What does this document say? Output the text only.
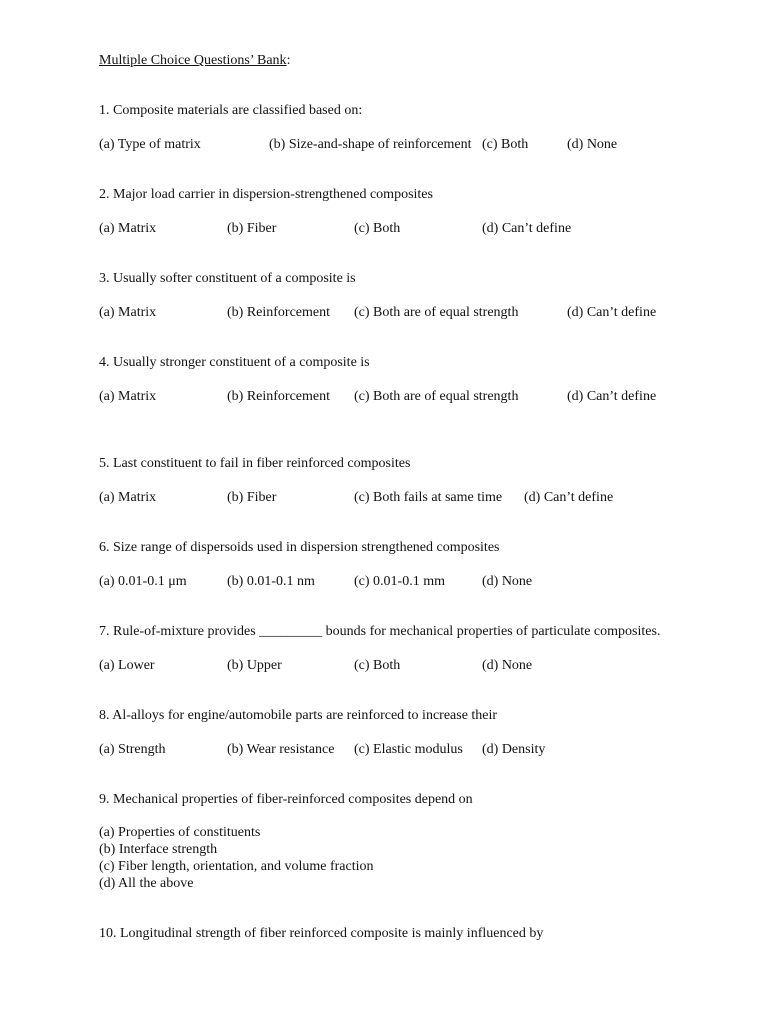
Multiple Choice Questions’ Bank:
1. Composite materials are classified based on:
(a) Type of matrix	(b) Size-and-shape of reinforcement (c) Both	(d) None
2. Major load carrier in dispersion-strengthened composites
(a) Matrix	(b) Fiber	(c) Both	(d) Can’t define
3. Usually softer constituent of a composite is
(a) Matrix	(b) Reinforcement (c) Both are of equal strength	(d) Can’t define
4. Usually stronger constituent of a composite is
(a) Matrix	(b) Reinforcement (c) Both are of equal strength	(d) Can’t define
5. Last constituent to fail in fiber reinforced composites
(a) Matrix	(b) Fiber	(c) Both fails at same time (d) Can’t define
6. Size range of dispersoids used in dispersion strengthened composites
(a) 0.01-0.1 μm	(b) 0.01-0.1 nm	(c) 0.01-0.1 mm	(d) None
7. Rule-of-mixture provides _________ bounds for mechanical properties of particulate composites.
(a) Lower	(b) Upper	(c) Both	(d) None
8. Al-alloys for engine/automobile parts are reinforced to increase their
(a) Strength	(b) Wear resistance (c) Elastic modulus (d) Density
9. Mechanical properties of fiber-reinforced composites depend on
(a) Properties of constituents
(b) Interface strength
(c) Fiber length, orientation, and volume fraction
(d) All the above
10. Longitudinal strength of fiber reinforced composite is mainly influenced by
